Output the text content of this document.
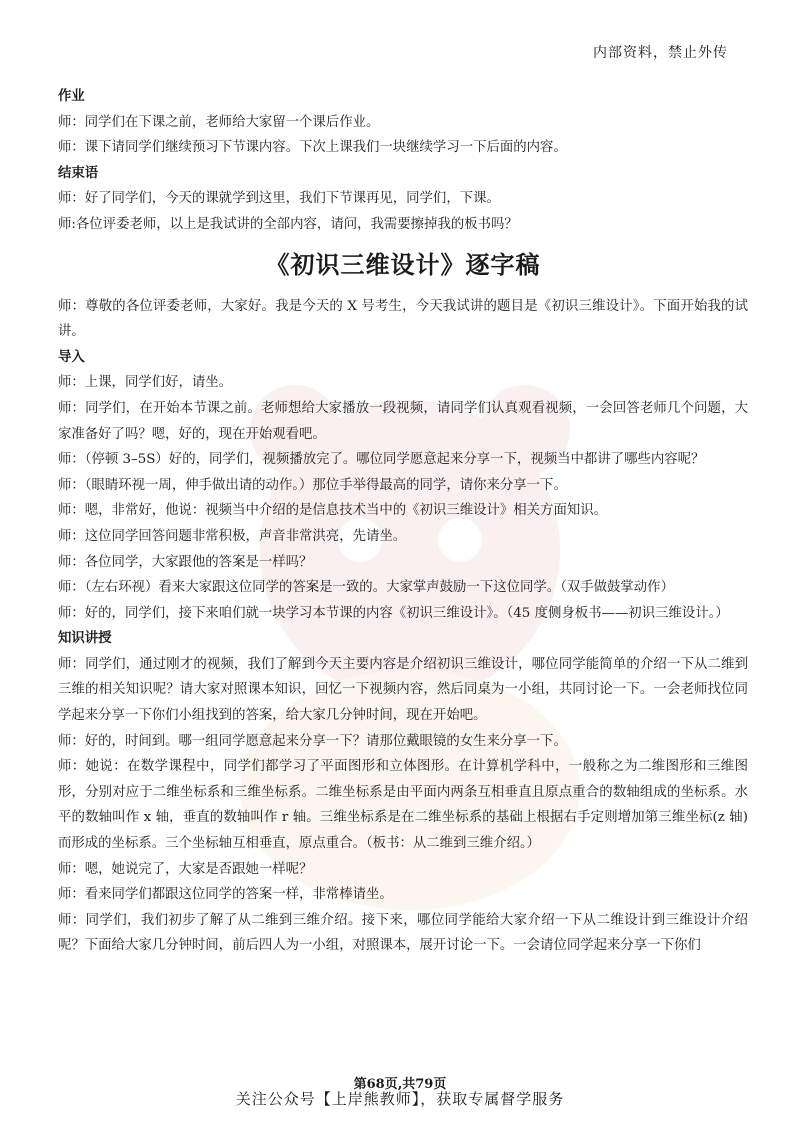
内部资料，禁止外传

作业

师：同学们在下课之前，老师给大家留一个课后作业。

师：课下请同学们继续预习下节课内容。下次上课我们一块继续学习一下后面的内容。

结束语

师：好了同学们，今天的课就学到这里，我们下节课再见，同学们，下课。

师:各位评委老师，以上是我试讲的全部内容，请问，我需要擦掉我的板书吗？

《初识三维设计》逐字稿

师：尊敬的各位评委老师，大家好。我是今天的 X 号考生，今天我试讲的题目是《初识三维设计》。下面开始我的试讲。

导入

师：上课，同学们好，请坐。

师：同学们，在开始本节课之前。老师想给大家播放一段视频，请同学们认真观看视频，一会回答老师几个问题，大家准备好了吗？嗯，好的，现在开始观看吧。

师：（停顿 3–5S）好的，同学们，视频播放完了。哪位同学愿意起来分享一下，视频当中都讲了哪些内容呢？

师：（眼睛环视一周，伸手做出请的动作。）那位手举得最高的同学，请你来分享一下。

师：嗯，非常好，他说：视频当中介绍的是信息技术当中的《初识三维设计》相关方面知识。

师：这位同学回答问题非常积极，声音非常洪亮，先请坐。

师：各位同学，大家跟他的答案是一样吗？

师：（左右环视）看来大家跟这位同学的答案是一致的。大家掌声鼓励一下这位同学。（双手做鼓掌动作）

师：好的，同学们，接下来咱们就一块学习本节课的内容《初识三维设计》。（45 度侧身板书——初识三维设计。）

知识讲授

师：同学们，通过刚才的视频，我们了解到今天主要内容是介绍初识三维设计，哪位同学能简单的介绍一下从二维到三维的相关知识呢？请大家对照课本知识，回忆一下视频内容，然后同桌为一小组，共同讨论一下。一会老师找位同学起来分享一下你们小组找到的答案，给大家几分钟时间，现在开始吧。

师：好的，时间到。哪一组同学愿意起来分享一下？请那位戴眼镜的女生来分享一下。

师：她说：在数学课程中，同学们都学习了平面图形和立体图形。在计算机学科中，一般称之为二维图形和三维图形，分别对应于二维坐标系和三维坐标系。二维坐标系是由平面内两条互相垂直且原点重合的数轴组成的坐标系。水平的数轴叫作 x 轴，垂直的数轴叫作 r 轴。三维坐标系是在二维坐标系的基础上根据右手定则增加第三维坐标(z 轴)而形成的坐标系。三个坐标轴互相垂直，原点重合。（板书：从二维到三维介绍。）

师：嗯，她说完了，大家是否跟她一样呢？

师：看来同学们都跟这位同学的答案一样，非常棒请坐。

师：同学们，我们初步了解了从二维到三维介绍。接下来，哪位同学能给大家介绍一下从二维设计到三维设计介绍呢？下面给大家几分钟时间，前后四人为一小组，对照课本，展开讨论一下。一会请位同学起来分享一下你们

第68页,共79页
关注公众号【上岸熊教师】，获取专属督学服务
